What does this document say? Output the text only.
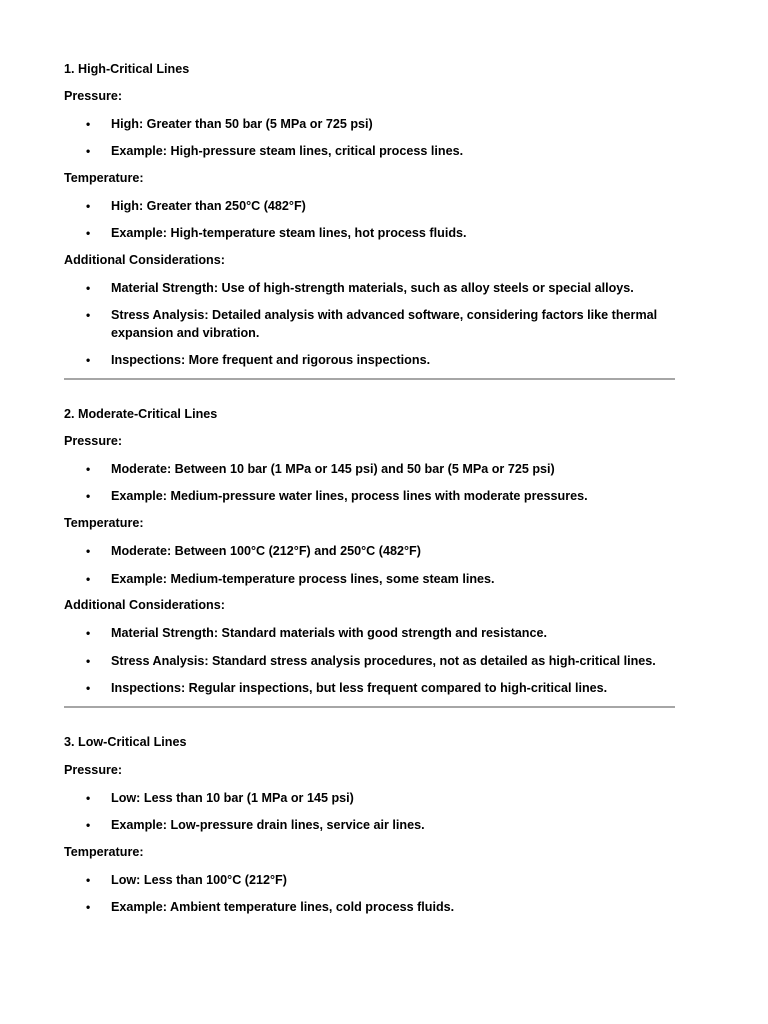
1. High-Critical Lines
Pressure:
•	High: Greater than 50 bar (5 MPa or 725 psi)
•	Example: High-pressure steam lines, critical process lines.
Temperature:
•	High: Greater than 250°C (482°F)
•	Example: High-temperature steam lines, hot process fluids.
Additional Considerations:
•	Material Strength: Use of high-strength materials, such as alloy steels or special alloys.
•	Stress Analysis: Detailed analysis with advanced software, considering factors like thermal expansion and vibration.
•	Inspections: More frequent and rigorous inspections.
2. Moderate-Critical Lines
Pressure:
•	Moderate: Between 10 bar (1 MPa or 145 psi) and 50 bar (5 MPa or 725 psi)
•	Example: Medium-pressure water lines, process lines with moderate pressures.
Temperature:
•	Moderate: Between 100°C (212°F) and 250°C (482°F)
•	Example: Medium-temperature process lines, some steam lines.
Additional Considerations:
•	Material Strength: Standard materials with good strength and resistance.
•	Stress Analysis: Standard stress analysis procedures, not as detailed as high-critical lines.
•	Inspections: Regular inspections, but less frequent compared to high-critical lines.
3. Low-Critical Lines
Pressure:
•	Low: Less than 10 bar (1 MPa or 145 psi)
•	Example: Low-pressure drain lines, service air lines.
Temperature:
•	Low: Less than 100°C (212°F)
•	Example: Ambient temperature lines, cold process fluids.
